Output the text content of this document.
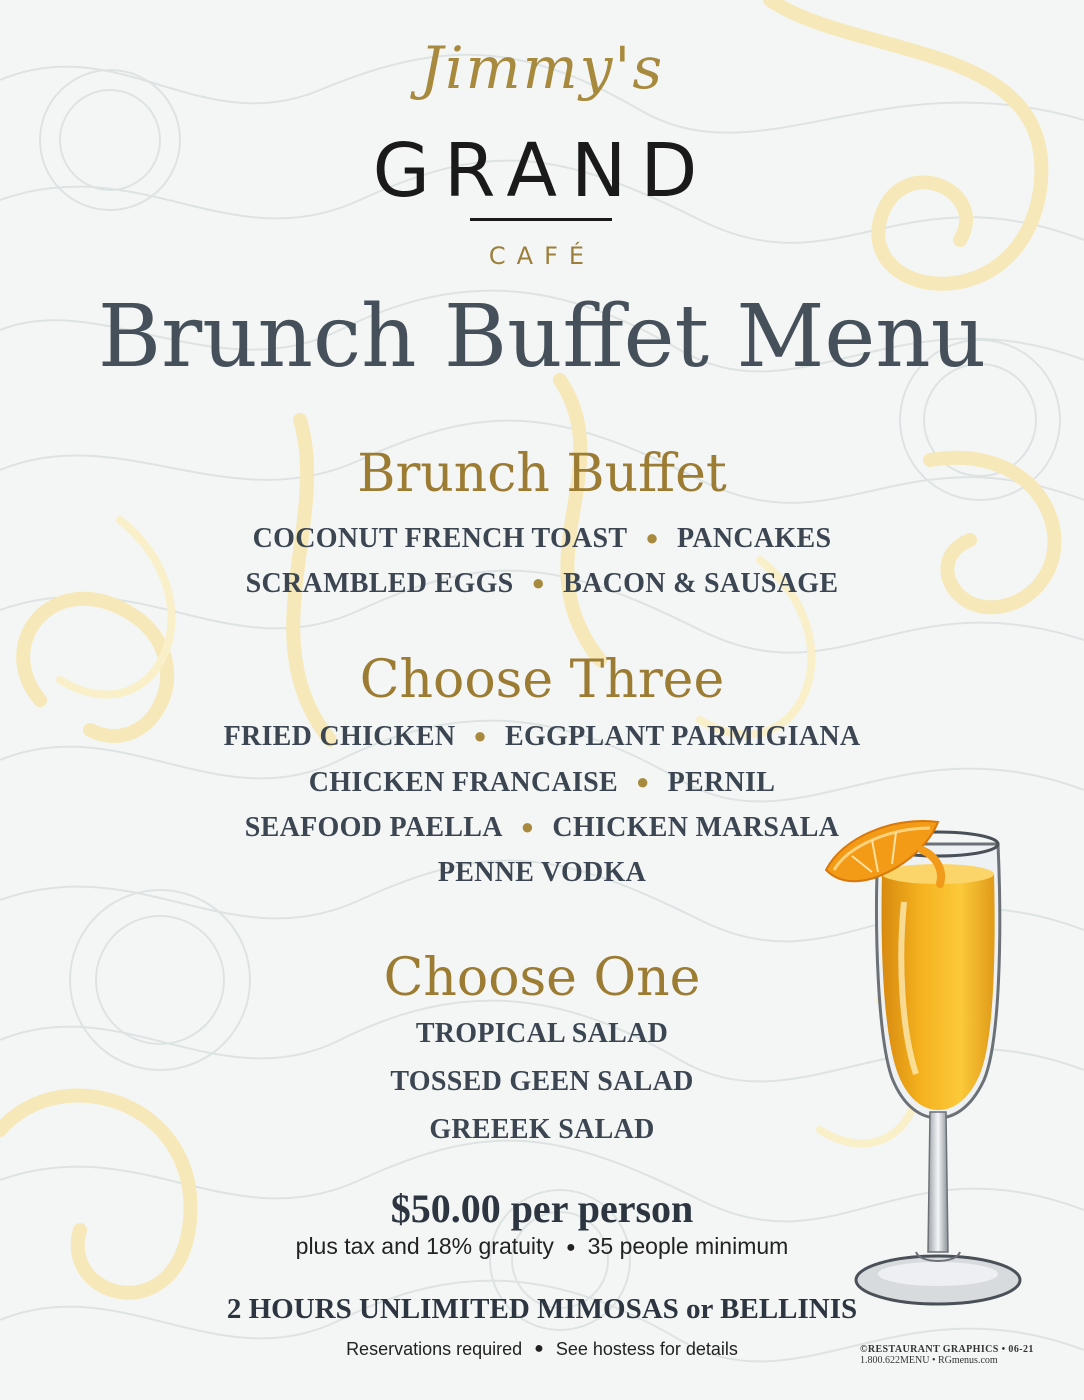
Jimmy's
GRAND
CAFÉ
Brunch Buffet Menu
Brunch Buffet
COCONUT FRENCH TOAST ● PANCAKES
SCRAMBLED EGGS ● BACON & SAUSAGE
Choose Three
FRIED CHICKEN ● EGGPLANT PARMIGIANA
CHICKEN FRANCAISE ● PERNIL
SEAFOOD PAELLA ● CHICKEN MARSALA
PENNE VODKA
Choose One
TROPICAL SALAD
TOSSED GEEN SALAD
GREEEK SALAD
$50.00 per person
plus tax and 18% gratuity ● 35 people minimum
2 HOURS UNLIMITED MIMOSAS or BELLINIS
Reservations required ● See hostess for details	©RESTAURANT GRAPHICS • 06-21
1.800.622MENU • RGmenus.com
